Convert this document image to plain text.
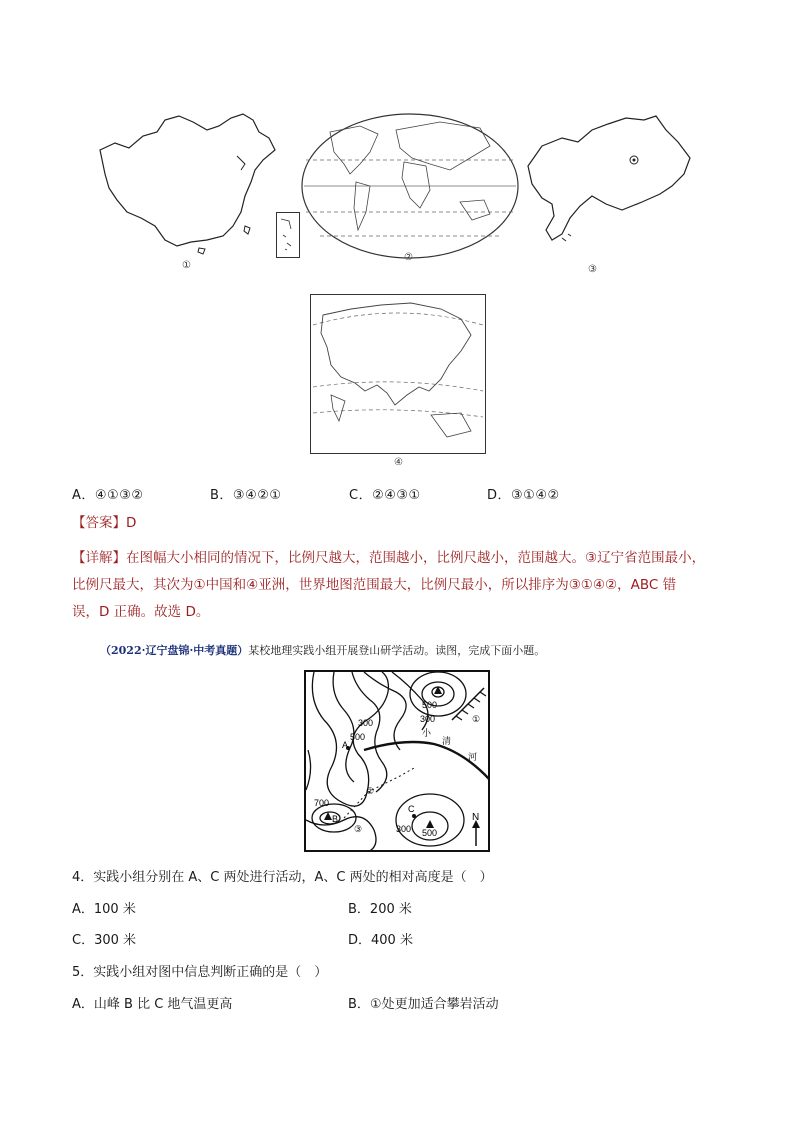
①
②
③
④
A．④①③②	B．③④②①	C．②④③①	D．③①④②
【答案】D
【详解】在图幅大小相同的情况下，比例尺越大，范围越小，比例尺越小，范围越大。③辽宁省范围最小，
比例尺最大，其次为①中国和④亚洲，世界地图范围最大，比例尺最小，所以排序为③①④②，ABC 错
误，D 正确。故选 D。
（2022·辽宁盘锦·中考真题）某校地理实践小组开展登山研学活动。读图，完成下面小题。
300
500
500
300
700
300 500
A
B
C
N
小
清
河
①
②
③
4．实践小组分别在 A、C 两处进行活动，A、C 两处的相对高度是（　）
A．100 米	B．200 米
C．300 米	D．400 米
5．实践小组对图中信息判断正确的是（　）
A．山峰 B 比 C 地气温更高	B．①处更加适合攀岩活动
